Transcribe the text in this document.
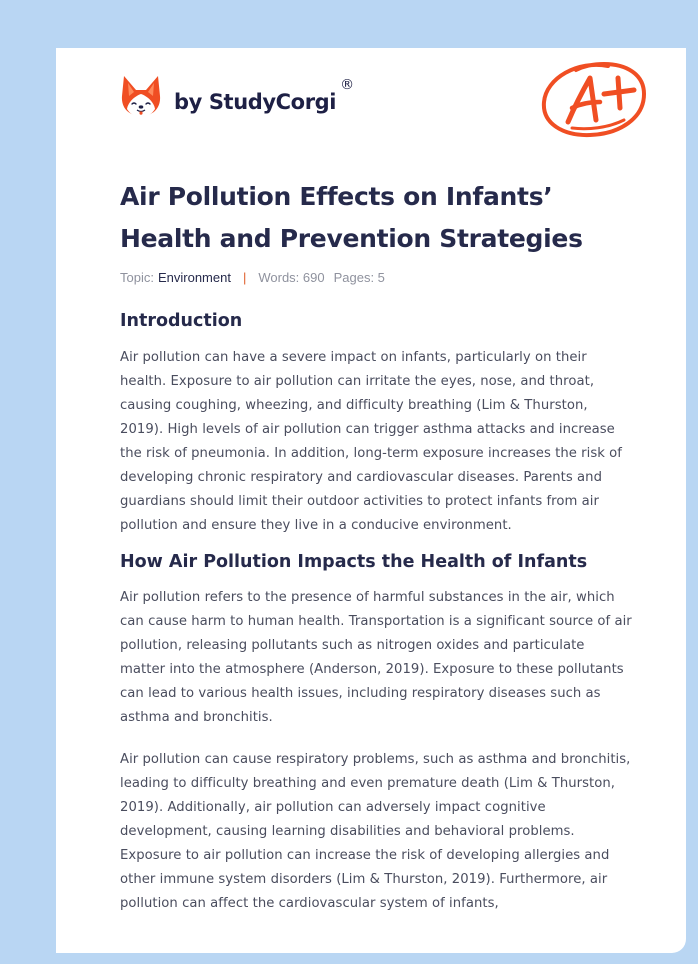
by StudyCorgi
®
Air Pollution Effects on Infants’ Health and Prevention Strategies
Topic: Environment | Words: 690 Pages: 5
Introduction

Air pollution can have a severe impact on infants, particularly on their health. Exposure to air pollution can irritate the eyes, nose, and throat, causing coughing, wheezing, and difficulty breathing (Lim & Thurston, 2019). High levels of air pollution can trigger asthma attacks and increase the risk of pneumonia. In addition, long-term exposure increases the risk of developing chronic respiratory and cardiovascular diseases. Parents and guardians should limit their outdoor activities to protect infants from air pollution and ensure they live in a conducive environment.

How Air Pollution Impacts the Health of Infants

Air pollution refers to the presence of harmful substances in the air, which can cause harm to human health. Transportation is a significant source of air pollution, releasing pollutants such as nitrogen oxides and particulate matter into the atmosphere (Anderson, 2019). Exposure to these pollutants can lead to various health issues, including respiratory diseases such as asthma and bronchitis.

Air pollution can cause respiratory problems, such as asthma and bronchitis, leading to difficulty breathing and even premature death (Lim & Thurston, 2019). Additionally, air pollution can adversely impact cognitive development, causing learning disabilities and behavioral problems. Exposure to air pollution can increase the risk of developing allergies and other immune system disorders (Lim & Thurston, 2019). Furthermore, air pollution can affect the cardiovascular system of infants,
